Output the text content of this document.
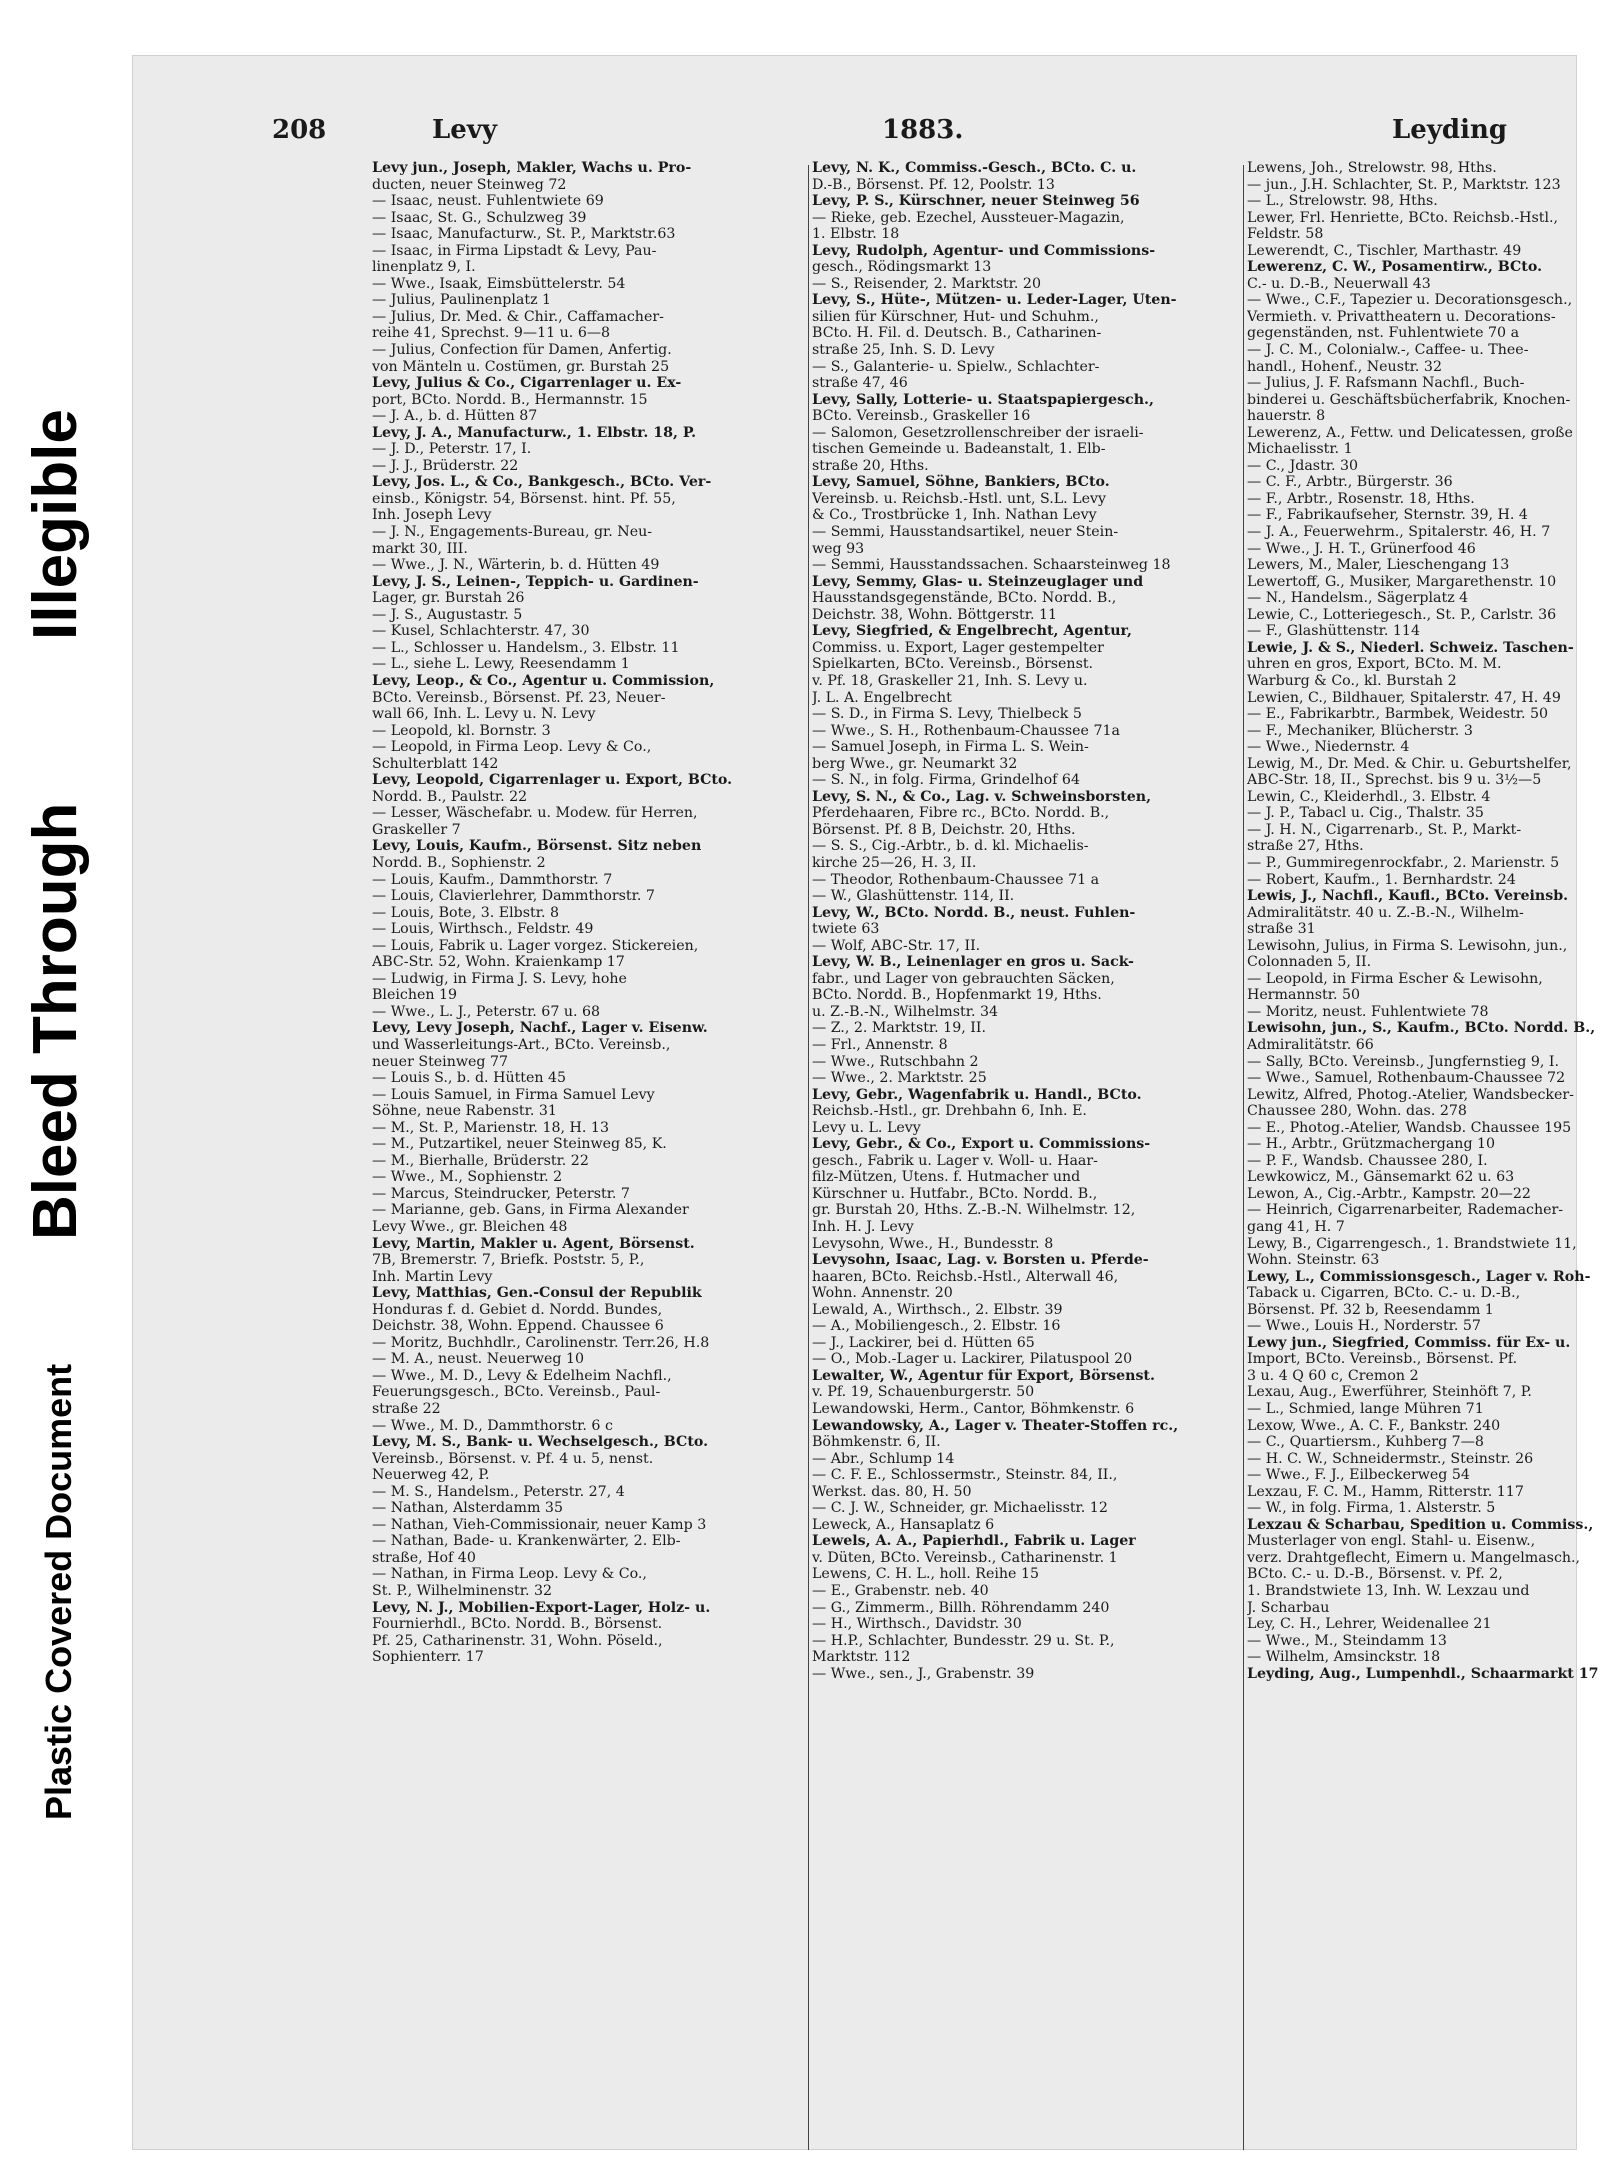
Plastic Covered Document
Bleed Through
Illegible
208	Levy	1883.	Leyding
Levy jun., Joseph, Makler, Wachs u. Pro-
ducten, neuer Steinweg 72
— Isaac, neust. Fuhlentwiete 69
— Isaac, St. G., Schulzweg 39
— Isaac, Manufacturw., St. P., Marktstr.63
— Isaac, in Firma Lipstadt & Levy, Pau-
linenplatz 9, I.
— Wwe., Isaak, Eimsbüttelerstr. 54
— Julius, Paulinenplatz 1
— Julius, Dr. Med. & Chir., Caffamacher-
reihe 41, Sprechst. 9—11 u. 6—8
— Julius, Confection für Damen, Anfertig.
von Mänteln u. Costümen, gr. Burstah 25
Levy, Julius & Co., Cigarrenlager u. Ex-
port, BCto. Nordd. B., Hermannstr. 15
— J. A., b. d. Hütten 87
Levy, J. A., Manufacturw., 1. Elbstr. 18, P.
— J. D., Peterstr. 17, I.
— J. J., Brüderstr. 22
Levy, Jos. L., & Co., Bankgesch., BCto. Ver-
einsb., Königstr. 54, Börsenst. hint. Pf. 55,
Inh. Joseph Levy
— J. N., Engagements-Bureau, gr. Neu-
markt 30, III.
— Wwe., J. N., Wärterin, b. d. Hütten 49
Levy, J. S., Leinen-, Teppich- u. Gardinen-
Lager, gr. Burstah 26
— J. S., Augustastr. 5
— Kusel, Schlachterstr. 47, 30
— L., Schlosser u. Handelsm., 3. Elbstr. 11
— L., siehe L. Lewy, Reesendamm 1
Levy, Leop., & Co., Agentur u. Commission,
BCto. Vereinsb., Börsenst. Pf. 23, Neuer-
wall 66, Inh. L. Levy u. N. Levy
— Leopold, kl. Bornstr. 3
— Leopold, in Firma Leop. Levy & Co.,
Schulterblatt 142
Levy, Leopold, Cigarrenlager u. Export, BCto.
Nordd. B., Paulstr. 22
— Lesser, Wäschefabr. u. Modew. für Herren,
Graskeller 7
Levy, Louis, Kaufm., Börsenst. Sitz neben
Nordd. B., Sophienstr. 2
— Louis, Kaufm., Dammthorstr. 7
— Louis, Clavierlehrer, Dammthorstr. 7
— Louis, Bote, 3. Elbstr. 8
— Louis, Wirthsch., Feldstr. 49
— Louis, Fabrik u. Lager vorgez. Stickereien,
ABC-Str. 52, Wohn. Kraienkamp 17
— Ludwig, in Firma J. S. Levy, hohe
Bleichen 19
— Wwe., L. J., Peterstr. 67 u. 68
Levy, Levy Joseph, Nachf., Lager v. Eisenw.
und Wasserleitungs-Art., BCto. Vereinsb.,
neuer Steinweg 77
— Louis S., b. d. Hütten 45
— Louis Samuel, in Firma Samuel Levy
Söhne, neue Rabenstr. 31
— M., St. P., Marienstr. 18, H. 13
— M., Putzartikel, neuer Steinweg 85, K.
— M., Bierhalle, Brüderstr. 22
— Wwe., M., Sophienstr. 2
— Marcus, Steindrucker, Peterstr. 7
— Marianne, geb. Gans, in Firma Alexander
Levy Wwe., gr. Bleichen 48
Levy, Martin, Makler u. Agent, Börsenst.
7B, Bremerstr. 7, Briefk. Poststr. 5, P.,
Inh. Martin Levy
Levy, Matthias, Gen.-Consul der Republik
Honduras f. d. Gebiet d. Nordd. Bundes,
Deichstr. 38, Wohn. Eppend. Chaussee 6
— Moritz, Buchhdlr., Carolinenstr. Terr.26, H.8
— M. A., neust. Neuerweg 10
— Wwe., M. D., Levy & Edelheim Nachfl.,
Feuerungsgesch., BCto. Vereinsb., Paul-
straße 22
— Wwe., M. D., Dammthorstr. 6 c
Levy, M. S., Bank- u. Wechselgesch., BCto.
Vereinsb., Börsenst. v. Pf. 4 u. 5, nenst.
Neuerweg 42, P.
— M. S., Handelsm., Peterstr. 27, 4
— Nathan, Alsterdamm 35
— Nathan, Vieh-Commissionair, neuer Kamp 3
— Nathan, Bade- u. Krankenwärter, 2. Elb-
straße, Hof 40
— Nathan, in Firma Leop. Levy & Co.,
St. P., Wilhelminenstr. 32
Levy, N. J., Mobilien-Export-Lager, Holz- u.
Fournierhdl., BCto. Nordd. B., Börsenst.
Pf. 25, Catharinenstr. 31, Wohn. Pöseld.,
Sophienterr. 17
Levy, N. K., Commiss.-Gesch., BCto. C. u.
D.-B., Börsenst. Pf. 12, Poolstr. 13
Levy, P. S., Kürschner, neuer Steinweg 56
— Rieke, geb. Ezechel, Aussteuer-Magazin,
1. Elbstr. 18
Levy, Rudolph, Agentur- und Commissions-
gesch., Rödingsmarkt 13
— S., Reisender, 2. Marktstr. 20
Levy, S., Hüte-, Mützen- u. Leder-Lager, Uten-
silien für Kürschner, Hut- und Schuhm.,
BCto. H. Fil. d. Deutsch. B., Catharinen-
straße 25, Inh. S. D. Levy
— S., Galanterie- u. Spielw., Schlachter-
straße 47, 46
Levy, Sally, Lotterie- u. Staatspapiergesch.,
BCto. Vereinsb., Graskeller 16
— Salomon, Gesetzrollenschreiber der israeli-
tischen Gemeinde u. Badeanstalt, 1. Elb-
straße 20, Hths.
Levy, Samuel, Söhne, Bankiers, BCto.
Vereinsb. u. Reichsb.-Hstl. unt, S.L. Levy
& Co., Trostbrücke 1, Inh. Nathan Levy
— Semmi, Hausstandsartikel, neuer Stein-
weg 93
— Semmi, Hausstandssachen. Schaarsteinweg 18
Levy, Semmy, Glas- u. Steinzeuglager und
Hausstandsgegenstände, BCto. Nordd. B.,
Deichstr. 38, Wohn. Böttgerstr. 11
Levy, Siegfried, & Engelbrecht, Agentur,
Commiss. u. Export, Lager gestempelter
Spielkarten, BCto. Vereinsb., Börsenst.
v. Pf. 18, Graskeller 21, Inh. S. Levy u.
J. L. A. Engelbrecht
— S. D., in Firma S. Levy, Thielbeck 5
— Wwe., S. H., Rothenbaum-Chaussee 71a
— Samuel Joseph, in Firma L. S. Wein-
berg Wwe., gr. Neumarkt 32
— S. N., in folg. Firma, Grindelhof 64
Levy, S. N., & Co., Lag. v. Schweinsborsten,
Pferdehaaren, Fibre rc., BCto. Nordd. B.,
Börsenst. Pf. 8 B, Deichstr. 20, Hths.
— S. S., Cig.-Arbtr., b. d. kl. Michaelis-
kirche 25—26, H. 3, II.
— Theodor, Rothenbaum-Chaussee 71 a
— W., Glashüttenstr. 114, II.
Levy, W., BCto. Nordd. B., neust. Fuhlen-
twiete 63
— Wolf, ABC-Str. 17, II.
Levy, W. B., Leinenlager en gros u. Sack-
fabr., und Lager von gebrauchten Säcken,
BCto. Nordd. B., Hopfenmarkt 19, Hths.
u. Z.-B.-N., Wilhelmstr. 34
— Z., 2. Marktstr. 19, II.
— Frl., Annenstr. 8
— Wwe., Rutschbahn 2
— Wwe., 2. Marktstr. 25
Levy, Gebr., Wagenfabrik u. Handl., BCto.
Reichsb.-Hstl., gr. Drehbahn 6, Inh. E.
Levy u. L. Levy
Levy, Gebr., & Co., Export u. Commissions-
gesch., Fabrik u. Lager v. Woll- u. Haar-
filz-Mützen, Utens. f. Hutmacher und
Kürschner u. Hutfabr., BCto. Nordd. B.,
gr. Burstah 20, Hths. Z.-B.-N. Wilhelmstr. 12,
Inh. H. J. Levy
Levysohn, Wwe., H., Bundesstr. 8
Levysohn, Isaac, Lag. v. Borsten u. Pferde-
haaren, BCto. Reichsb.-Hstl., Alterwall 46,
Wohn. Annenstr. 20
Lewald, A., Wirthsch., 2. Elbstr. 39
— A., Mobiliengesch., 2. Elbstr. 16
— J., Lackirer, bei d. Hütten 65
— O., Mob.-Lager u. Lackirer, Pilatuspool 20
Lewalter, W., Agentur für Export, Börsenst.
v. Pf. 19, Schauenburgerstr. 50
Lewandowski, Herm., Cantor, Böhmkenstr. 6
Lewandowsky, A., Lager v. Theater-Stoffen rc.,
Böhmkenstr. 6, II.
— Abr., Schlump 14
— C. F. E., Schlossermstr., Steinstr. 84, II.,
Werkst. das. 80, H. 50
— C. J. W., Schneider, gr. Michaelisstr. 12
Leweck, A., Hansaplatz 6
Lewels, A. A., Papierhdl., Fabrik u. Lager
v. Düten, BCto. Vereinsb., Catharinenstr. 1
Lewens, C. H. L., holl. Reihe 15
— E., Grabenstr. neb. 40
— G., Zimmerm., Billh. Röhrendamm 240
— H., Wirthsch., Davidstr. 30
— H.P., Schlachter, Bundesstr. 29 u. St. P.,
Marktstr. 112
— Wwe., sen., J., Grabenstr. 39
Lewens, Joh., Strelowstr. 98, Hths.
— jun., J.H. Schlachter, St. P., Marktstr. 123
— L., Strelowstr. 98, Hths.
Lewer, Frl. Henriette, BCto. Reichsb.-Hstl.,
Feldstr. 58
Lewerendt, C., Tischler, Marthastr. 49
Lewerenz, C. W., Posamentirw., BCto.
C.- u. D.-B., Neuerwall 43
— Wwe., C.F., Tapezier u. Decorationsgesch.,
Vermieth. v. Privattheatern u. Decorations-
gegenständen, nst. Fuhlentwiete 70 a
— J. C. M., Colonialw.-, Caffee- u. Thee-
handl., Hohenf., Neustr. 32
— Julius, J. F. Rafsmann Nachfl., Buch-
binderei u. Geschäftsbücherfabrik, Knochen-
hauerstr. 8
Lewerenz, A., Fettw. und Delicatessen, große
Michaelisstr. 1
— C., Jdastr. 30
— C. F., Arbtr., Bürgerstr. 36
— F., Arbtr., Rosenstr. 18, Hths.
— F., Fabrikaufseher, Sternstr. 39, H. 4
— J. A., Feuerwehrm., Spitalerstr. 46, H. 7
— Wwe., J. H. T., Grünerfood 46
Lewers, M., Maler, Lieschengang 13
Lewertoff, G., Musiker, Margarethenstr. 10
— N., Handelsm., Sägerplatz 4
Lewie, C., Lotteriegesch., St. P., Carlstr. 36
— F., Glashüttenstr. 114
Lewie, J. & S., Niederl. Schweiz. Taschen-
uhren en gros, Export, BCto. M. M.
Warburg & Co., kl. Burstah 2
Lewien, C., Bildhauer, Spitalerstr. 47, H. 49
— E., Fabrikarbtr., Barmbek, Weidestr. 50
— F., Mechaniker, Blücherstr. 3
— Wwe., Niedernstr. 4
Lewig, M., Dr. Med. & Chir. u. Geburtshelfer,
ABC-Str. 18, II., Sprechst. bis 9 u. 3½—5
Lewin, C., Kleiderhdl., 3. Elbstr. 4
— J. P., Tabacl u. Cig., Thalstr. 35
— J. H. N., Cigarrenarb., St. P., Markt-
straße 27, Hths.
— P., Gummiregenrockfabr., 2. Marienstr. 5
— Robert, Kaufm., 1. Bernhardstr. 24
Lewis, J., Nachfl., Kaufl., BCto. Vereinsb.
Admiralitätstr. 40 u. Z.-B.-N., Wilhelm-
straße 31
Lewisohn, Julius, in Firma S. Lewisohn, jun.,
Colonnaden 5, II.
— Leopold, in Firma Escher & Lewisohn,
Hermannstr. 50
— Moritz, neust. Fuhlentwiete 78
Lewisohn, jun., S., Kaufm., BCto. Nordd. B.,
Admiralitätstr. 66
— Sally, BCto. Vereinsb., Jungfernstieg 9, I.
— Wwe., Samuel, Rothenbaum-Chaussee 72
Lewitz, Alfred, Photog.-Atelier, Wandsbecker-
Chaussee 280, Wohn. das. 278
— E., Photog.-Atelier, Wandsb. Chaussee 195
— H., Arbtr., Grützmachergang 10
— P. F., Wandsb. Chaussee 280, I.
Lewkowicz, M., Gänsemarkt 62 u. 63
Lewon, A., Cig.-Arbtr., Kampstr. 20—22
— Heinrich, Cigarrenarbeiter, Rademacher-
gang 41, H. 7
Lewy, B., Cigarrengesch., 1. Brandstwiete 11,
Wohn. Steinstr. 63
Lewy, L., Commissionsgesch., Lager v. Roh-
Taback u. Cigarren, BCto. C.- u. D.-B.,
Börsenst. Pf. 32 b, Reesendamm 1
— Wwe., Louis H., Norderstr. 57
Lewy jun., Siegfried, Commiss. für Ex- u.
Import, BCto. Vereinsb., Börsenst. Pf.
3 u. 4 Q 60 c, Cremon 2
Lexau, Aug., Ewerführer, Steinhöft 7, P.
— L., Schmied, lange Mühren 71
Lexow, Wwe., A. C. F., Bankstr. 240
— C., Quartiersm., Kuhberg 7—8
— H. C. W., Schneidermstr., Steinstr. 26
— Wwe., F. J., Eilbeckerweg 54
Lexzau, F. C. M., Hamm, Ritterstr. 117
— W., in folg. Firma, 1. Alsterstr. 5
Lexzau & Scharbau, Spedition u. Commiss.,
Musterlager von engl. Stahl- u. Eisenw.,
verz. Drahtgeflecht, Eimern u. Mangelmasch.,
BCto. C.- u. D.-B., Börsenst. v. Pf. 2,
1. Brandstwiete 13, Inh. W. Lexzau und
J. Scharbau
Ley, C. H., Lehrer, Weidenallee 21
— Wwe., M., Steindamm 13
— Wilhelm, Amsinckstr. 18
Leyding, Aug., Lumpenhdl., Schaarmarkt 17
